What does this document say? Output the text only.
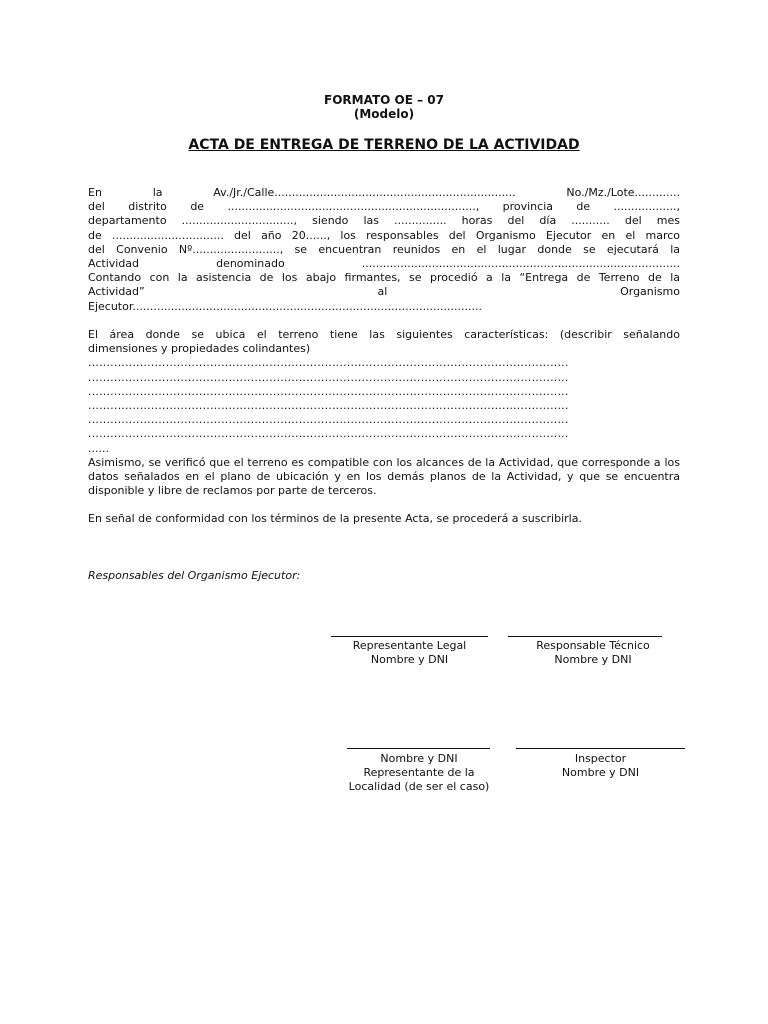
FORMATO OE – 07
(Modelo)
ACTA DE ENTREGA DE TERRENO DE LA ACTIVIDAD
En la Av./Jr./Calle..................................................................... No./Mz./Lote.............
del distrito de ......................................................................., provincia de ..................,
departamento ................................, siendo las ............... horas del día ........... del mes
de ................................ del año 20......, los responsables del Organismo Ejecutor en el marco
del Convenio Nº........................., se encuentran reunidos en el lugar donde se ejecutará la
Actividad denominado ...........................................................................................
Contando con la asistencia de los abajo firmantes, se procedió a la “Entrega de Terreno de la
Actividad”	al	Organismo
Ejecutor....................................................................................................
El área donde se ubica el terreno tiene las siguientes características: (describir señalando
dimensiones y propiedades colindantes)
..................................................................................................................................
..................................................................................................................................
..................................................................................................................................
..................................................................................................................................
..................................................................................................................................
..................................................................................................................................
......
Asimismo, se verificó que el terreno es compatible con los alcances de la Actividad, que corresponde a los datos señalados en el plano de ubicación y en los demás planos de la Actividad, y que se encuentra disponible y libre de reclamos por parte de terceros.
En señal de conformidad con los términos de la presente Acta, se procederá a suscribirla.
Responsables del Organismo Ejecutor:
Representante Legal
Nombre y DNI
Responsable Técnico
Nombre y DNI
Nombre y DNI
Representante de la
Localidad (de ser el caso)
Inspector
Nombre y DNI
